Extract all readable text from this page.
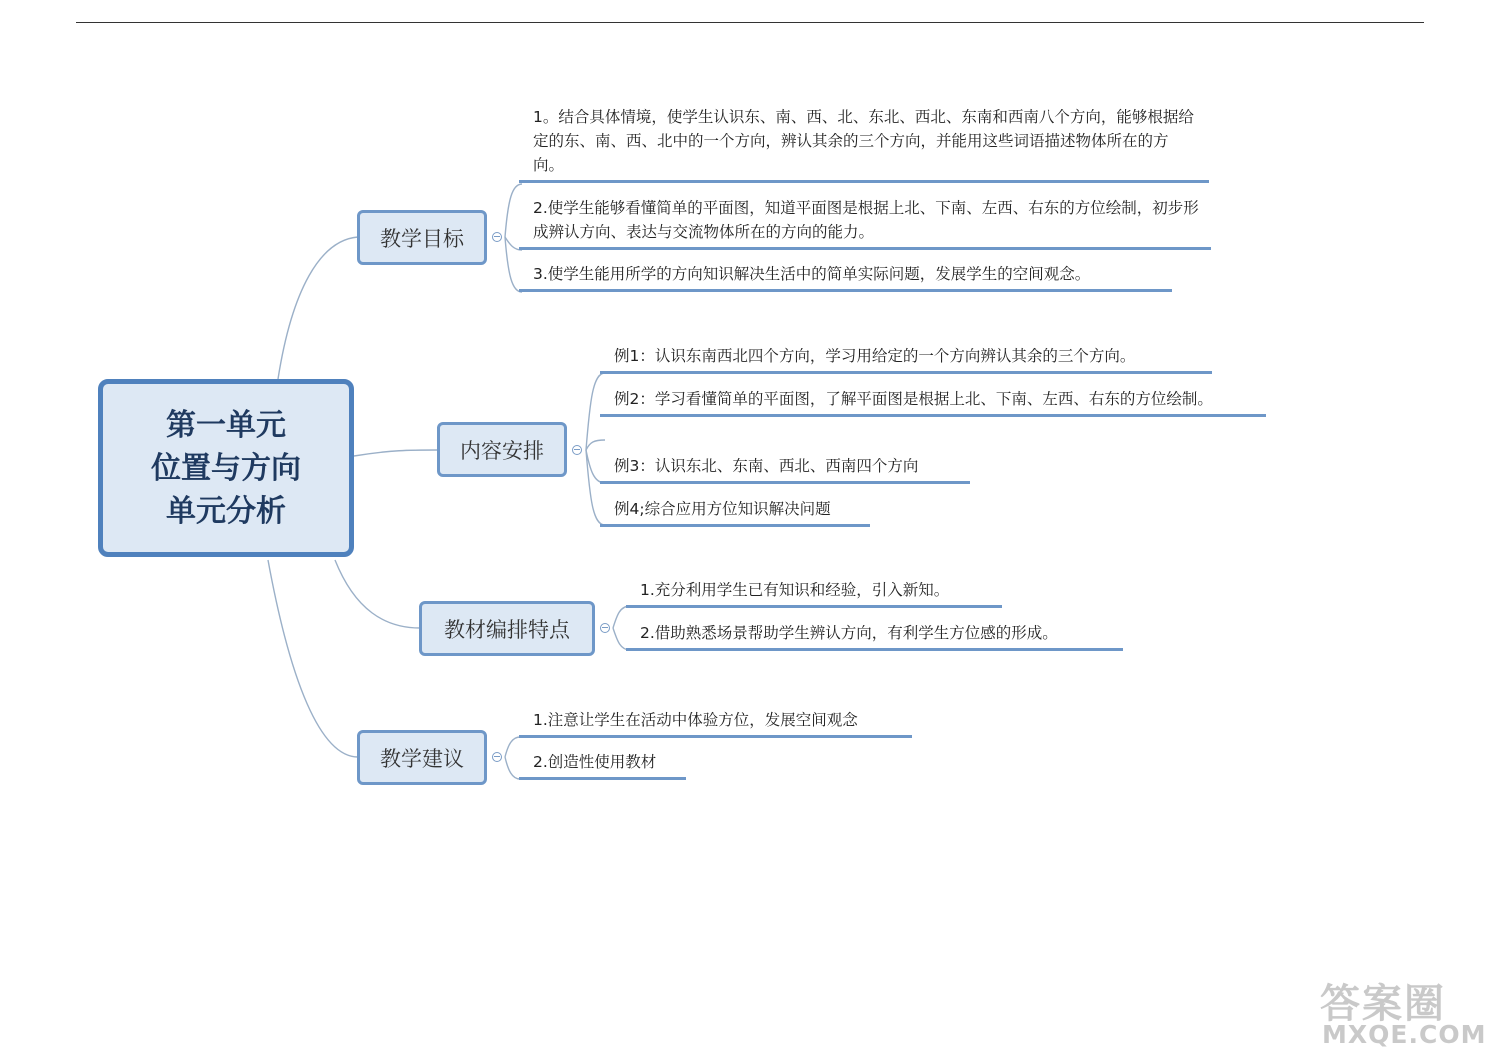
第一单元
位置与方向
单元分析
教学目标
1。结合具体情境，使学生认识东、南、西、北、东北、西北、东南和西南八个方向，能够根据给定的东、南、西、北中的一个方向，辨认其余的三个方向，并能用这些词语描述物体所在的方向。
2.使学生能够看懂简单的平面图，知道平面图是根据上北、下南、左西、右东的方位绘制，初步形成辨认方向、表达与交流物体所在的方向的能力。
3.使学生能用所学的方向知识解决生活中的简单实际问题，发展学生的空间观念。
内容安排
例1：认识东南西北四个方向，学习用给定的一个方向辨认其余的三个方向。
例2：学习看懂简单的平面图，了解平面图是根据上北、下南、左西、右东的方位绘制。
例3：认识东北、东南、西北、西南四个方向
例4;综合应用方位知识解决问题
教材编排特点
1.充分利用学生已有知识和经验，引入新知。
2.借助熟悉场景帮助学生辨认方向，有利学生方位感的形成。
教学建议
1.注意让学生在活动中体验方位，发展空间观念
2.创造性使用教材
答案圈
MXQE.COM
